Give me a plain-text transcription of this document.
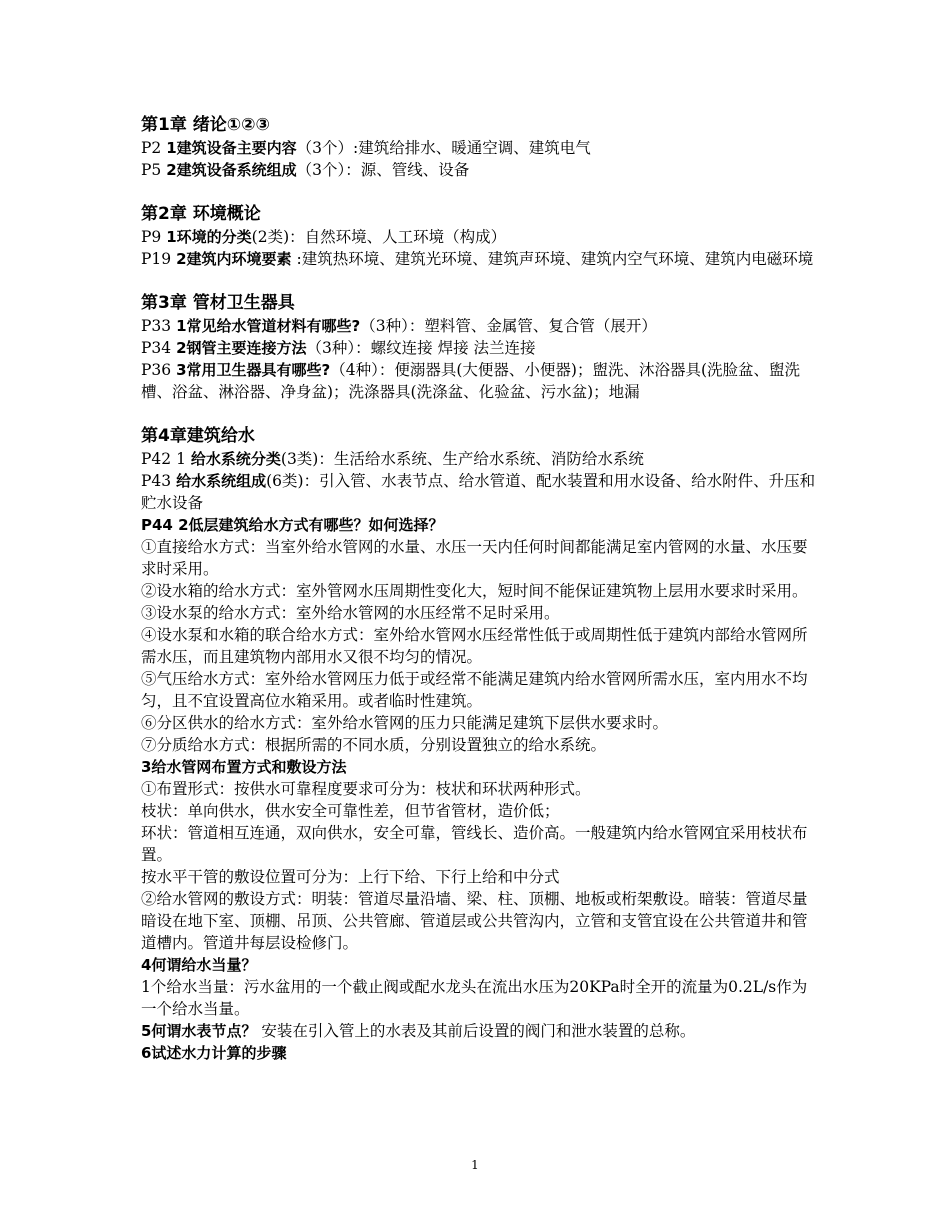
第1章 绪论①②③
P2 1建筑设备主要内容（3个）:建筑给排水、暖通空调、建筑电气
P5 2建筑设备系统组成（3个）：源、管线、设备
第2章 环境概论
P9 1环境的分类(2类)：自然环境、人工环境（构成）
P19 2建筑内环境要素 :建筑热环境、建筑光环境、建筑声环境、建筑内空气环境、建筑内电磁环境
第3章 管材卫生器具
P33 1常见给水管道材料有哪些?（3种）：塑料管、金属管、复合管（展开）
P34 2钢管主要连接方法（3种）：螺纹连接 焊接 法兰连接
P36 3常用卫生器具有哪些?（4种）：便溺器具(大便器、小便器)；盥洗、沐浴器具(洗脸盆、盥洗槽、浴盆、淋浴器、净身盆)；洗涤器具(洗涤盆、化验盆、污水盆)；地漏
第4章建筑给水
P42 1 给水系统分类(3类)：生活给水系统、生产给水系统、消防给水系统
P43 给水系统组成(6类)：引入管、水表节点、给水管道、配水装置和用水设备、给水附件、升压和贮水设备
P44 2低层建筑给水方式有哪些？如何选择？
①直接给水方式：当室外给水管网的水量、水压一天内任何时间都能满足室内管网的水量、水压要求时采用。
②设水箱的给水方式：室外管网水压周期性变化大，短时间不能保证建筑物上层用水要求时采用。
③设水泵的给水方式：室外给水管网的水压经常不足时采用。
④设水泵和水箱的联合给水方式：室外给水管网水压经常性低于或周期性低于建筑内部给水管网所需水压，而且建筑物内部用水又很不均匀的情况。
⑤气压给水方式：室外给水管网压力低于或经常不能满足建筑内给水管网所需水压，室内用水不均匀，且不宜设置高位水箱采用。或者临时性建筑。
⑥分区供水的给水方式：室外给水管网的压力只能满足建筑下层供水要求时。
⑦分质给水方式：根据所需的不同水质，分别设置独立的给水系统。
3给水管网布置方式和敷设方法
①布置形式：按供水可靠程度要求可分为：枝状和环状两种形式。
枝状：单向供水，供水安全可靠性差，但节省管材，造价低；
环状：管道相互连通，双向供水，安全可靠，管线长、造价高。一般建筑内给水管网宜采用枝状布置。
按水平干管的敷设位置可分为：上行下给、下行上给和中分式
②给水管网的敷设方式：明装：管道尽量沿墙、梁、柱、顶棚、地板或桁架敷设。暗装：管道尽量暗设在地下室、顶棚、吊顶、公共管廊、管道层或公共管沟内，立管和支管宜设在公共管道井和管道槽内。管道井每层设检修门。
4何谓给水当量？
1个给水当量：污水盆用的一个截止阀或配水龙头在流出水压为20KPa时全开的流量为0.2L/s作为一个给水当量。
5何谓水表节点？ 安装在引入管上的水表及其前后设置的阀门和泄水装置的总称。
6试述水力计算的步骤
1
